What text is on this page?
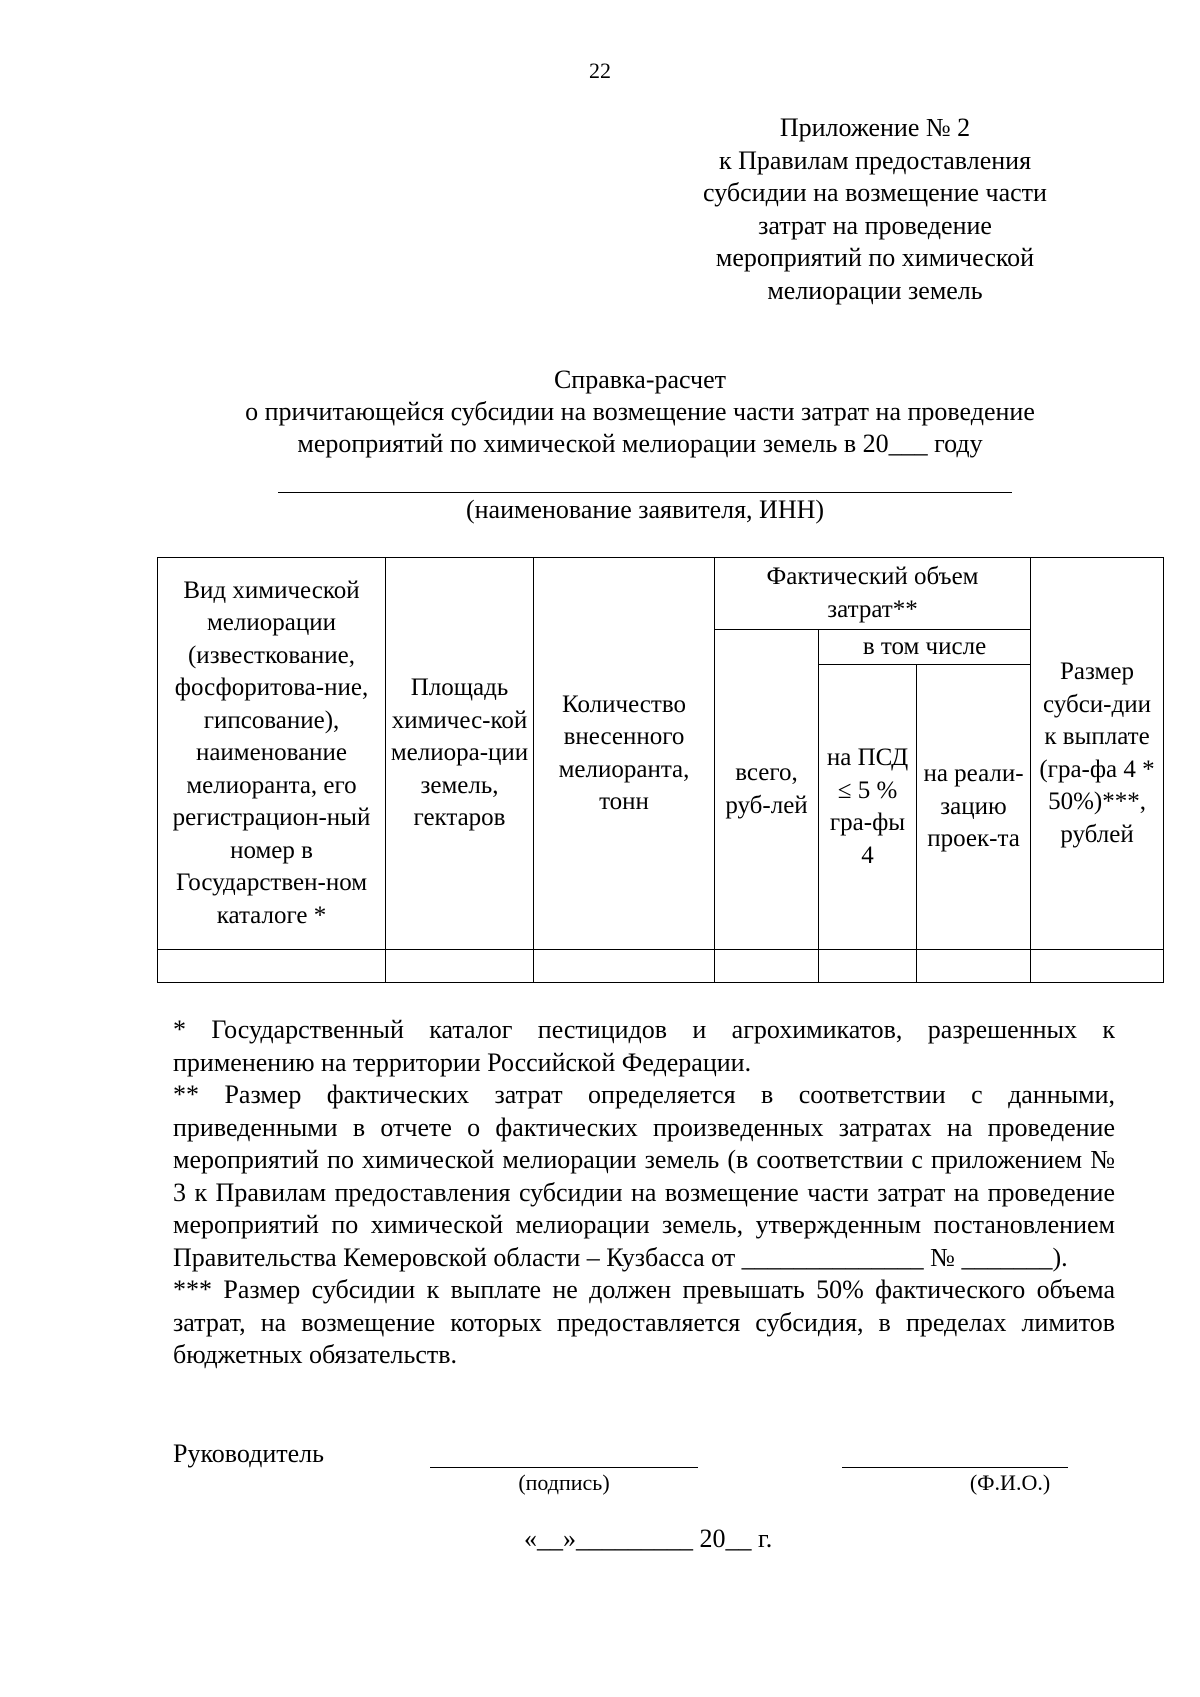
22
Приложение № 2
к Правилам предоставления
субсидии на возмещение части
затрат на проведение
мероприятий по химической
мелиорации земель
Справка-расчет
о причитающейся субсидии на возмещение части затрат на проведение
мероприятий по химической мелиорации земель в 20___ году
(наименование заявителя, ИНН)
Вид химической мелиорации (известкование, фосфоритова-ние, гипсование), наименование мелиоранта, его регистрацион-ный номер в Государствен-ном каталоге *	Площадь химичес-кой мелиора-ции земель, гектаров	Количество внесенного мелиоранта, тонн	Фактический объем затрат**			Размер субси-дии к выплате (гра-фа 4 * 50%)***, рублей
			всего, руб-лей	в том числе		
				на ПСД ≤ 5 % гра-фы 4	на реали-зацию проек-та	

* Государственный каталог пестицидов и агрохимикатов, разрешенных к применению на территории Российской Федерации.

** Размер фактических затрат определяется в соответствии с данными, приведенными в отчете о фактических произведенных затратах на проведение мероприятий по химической мелиорации земель (в соответствии с приложением № 3 к Правилам предоставления субсидии на возмещение части затрат на проведение мероприятий по химической мелиорации земель, утвержденным постановлением Правительства Кемеровской области – Кузбасса от ______________ № _______).

*** Размер субсидии к выплате не должен превышать 50% фактического объема затрат, на возмещение которых предоставляется субсидия, в пределах лимитов бюджетных обязательств.

Руководитель
(подпись)	(Ф.И.О.)
«__»_________ 20__ г.
